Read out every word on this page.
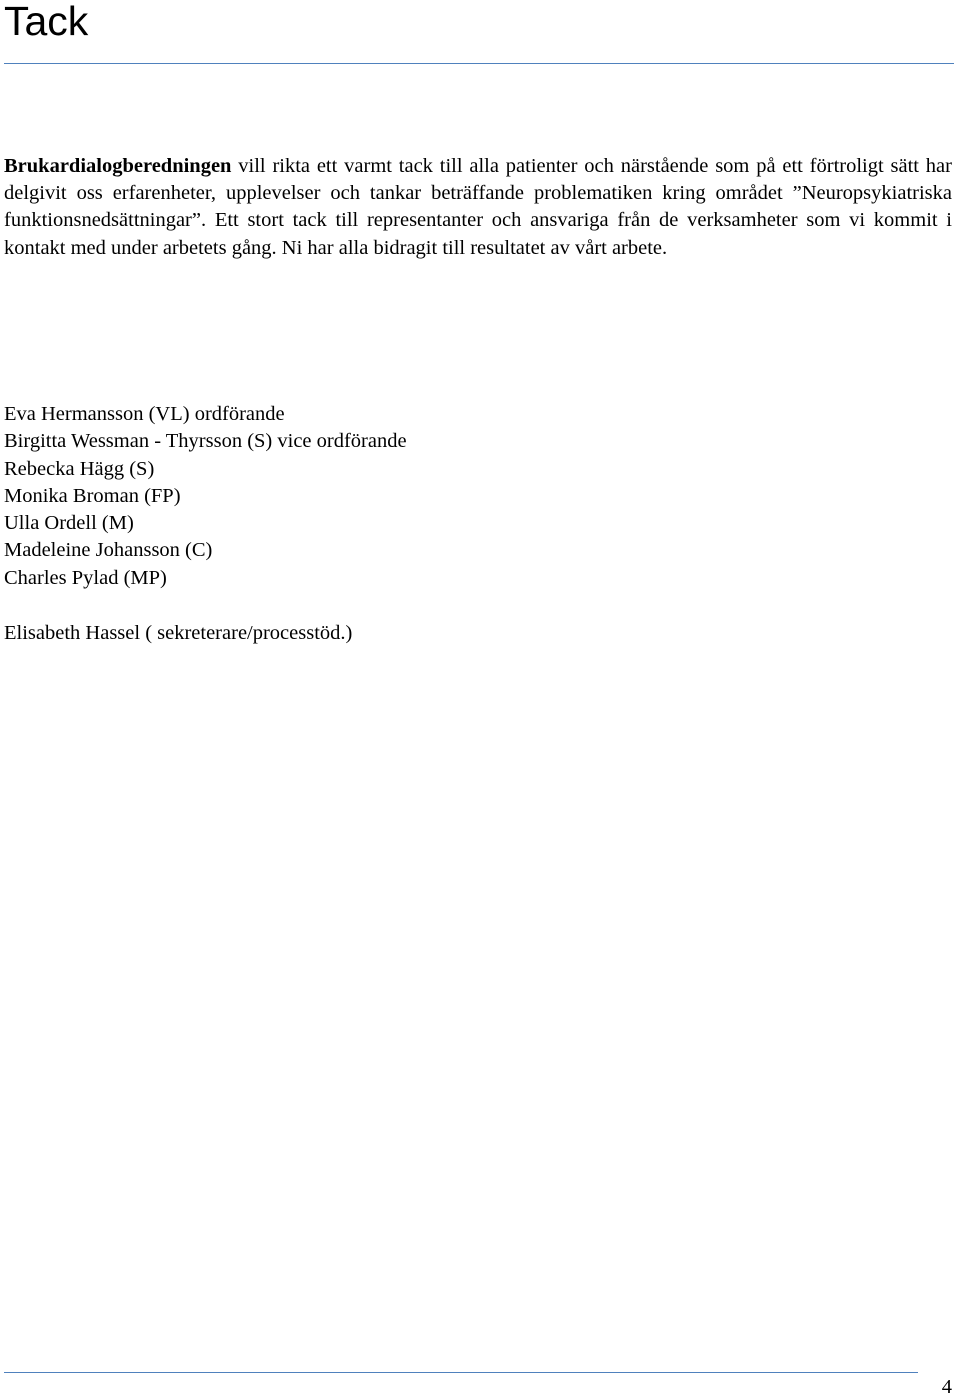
Tack

Brukardialogberedningen vill rikta ett varmt tack till alla patienter och närstående som på ett förtroligt sätt har delgivit oss erfarenheter, upplevelser och tankar beträffande problematiken kring området ”Neuropsykiatriska funktionsnedsättningar”. Ett stort tack till representanter och ansvariga från de verksamheter som vi kommit i kontakt med under arbetets gång. Ni har alla bidragit till resultatet av vårt arbete.

Eva Hermansson (VL) ordförande
Birgitta Wessman - Thyrsson (S) vice ordförande
Rebecka Hägg (S)
Monika Broman (FP)
Ulla Ordell (M)
Madeleine Johansson (C)
Charles Pylad (MP)

Elisabeth Hassel ( sekreterare/processtöd.)

4
